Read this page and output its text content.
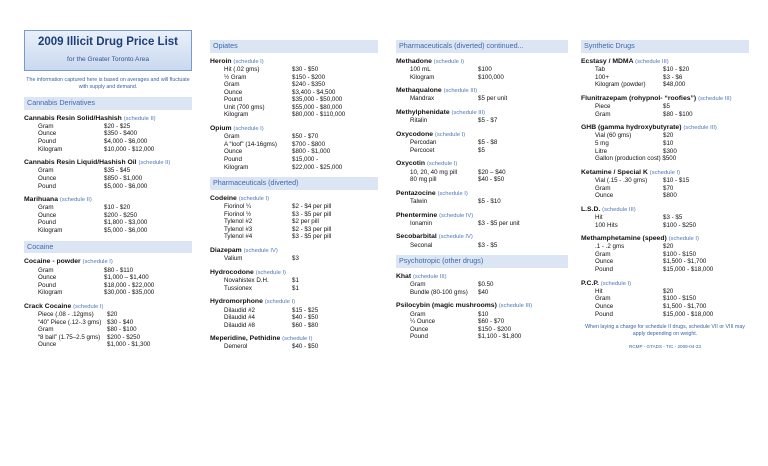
2009 Illicit Drug Price List
for the Greater Toronto Area
The information captured here is based on averages and will fluctuate with supply and demand.
Cannabis Derivatives
Cannabis Resin Solid/Hashish (schedule II)
Gram	$20 - $25
Ounce	$350 - $400
Pound	$4,000 - $6,000
Kilogram	$10,000 - $12,000
Cannabis Resin Liquid/Hashish Oil (schedule II)
Gram	$35 - $45
Ounce	$850 - $1,000
Pound	$5,000 - $6,000
Marihuana (schedule II)
Gram	$10 - $20
Ounce	$200 - $250
Pound	$1,800 - $3,000
Kilogram	$5,000 - $6,000
Cocaine
Cocaine - powder (schedule I)
Gram	$80 - $110
Ounce	$1,000 – $1,400
Pound	$18,000 - $22,000
Kilogram	$30,000 - $35,000
Crack Cocaine (schedule I)
Piece (.08 - .12gms)	$20
“40” Piece (.12-.3 gms) $30 - $40
Gram	$80 - $100
“8 ball” (1.75–2.5 gms)	$200 - $250
Ounce	$1,000 - $1,300
Opiates
Heroin (schedule I)
Hit (.02 gms)	$30 - $50
½ Gram	$150 - $200
Gram	$240 - $350
Ounce	$3,400 - $4,500
Pound	$35,000 - $50,000
Unit (700 gms)	$55,000 - $80,000
Kilogram	$80,000 - $110,000
Opium (schedule I)
Gram	$50 - $70
A “loof” (14-16gms)	$700 - $800
Ounce	$800 - $1,000
Pound	$15,000 -
Kilogram	$22,000 - $25,000
Pharmaceuticals (diverted)
Codeine (schedule I)
Fiorinol ¼	$2 - $4 per pill
Fiorinol ½	$3 - $5 per pill
Tylenol #2	$2 per pill
Tylenol #3	$2 - $3 per pill
Tylenol #4	$3 - $5 per pill
Diazepam (schedule IV)
Valium	$3
Hydrocodone (schedule I)
Novahistex D.H.	$1
Tussionex	$1
Hydromorphone (schedule I)
Dilaudid #2	$15 - $25
Dilaudid #4	$40 - $50
Dilaudid #8	$60 - $80
Meperidine, Pethidine (schedule I)
Demerol	$40 - $50
Pharmaceuticals (diverted) continued...
Methadone (schedule I)
100 mL	$100
Kilogram	$100,000
Methaqualone (schedule III)
Mandrax	$5 per unit
Methylphenidate (schedule III)
Ritalin	$5 - $7
Oxycodone (schedule I)
Percodan	$5 - $8
Percocet	$5
Oxycotin (schedule I)
10, 20, 40 mg pill	$20 – $40
80 mg pill	$40 - $50
Pentazocine (schedule I)
Talwin	$5 - $10
Phentermine (schedule IV)
Ionamin	$3 - $5 per unit
Secobarbital (schedule IV)
Seconal	$3 - $5
Psychotropic (other drugs)
Khat (schedule III)
Gram	$0.50
Bundle (80-100 gms)	$40
Psilocybin (magic mushrooms) (schedule III)
Gram	$10
¼ Ounce	$60 - $70
Ounce	$150 - $200
Pound	$1,100 - $1,800
Synthetic Drugs
Ecstasy / MDMA (schedule III)
Tab	$10 - $20
100+	$3 - $6
Kilogram (powder)	$48,000
Flunitrazepam (rohypnol- “roofies”) (schedule III)
Piece	$5
Gram	$80 - $100
GHB (gamma hydroxybutyrate) (schedule III)
Vial (60 gms)	$20
5 mg	$10
Litre	$300
Gallon (production cost) $500
Ketamine / Special K (schedule I)
Vial (.15 - .30 gms)	$10 - $15
Gram	$70
Ounce	$800
L.S.D. (schedule III)
Hit	$3 - $5
100 Hits	$100 - $250
Methamphetamine (speed) (schedule I)
.1 - .2 gms	$20
Gram	$100 - $150
Ounce	$1,500 - $1,700
Pound	$15,000 - $18,000
P.C.P. (schedule I)
Hit	$20
Gram	$100 - $150
Ounce	$1,500 - $1,700
Pound	$15,000 - $18,000
When laying a charge for schedule II drugs, schedule VII or VIII may apply depending on weight.
RCMP - GTADS - TIC - 2009-04-23
